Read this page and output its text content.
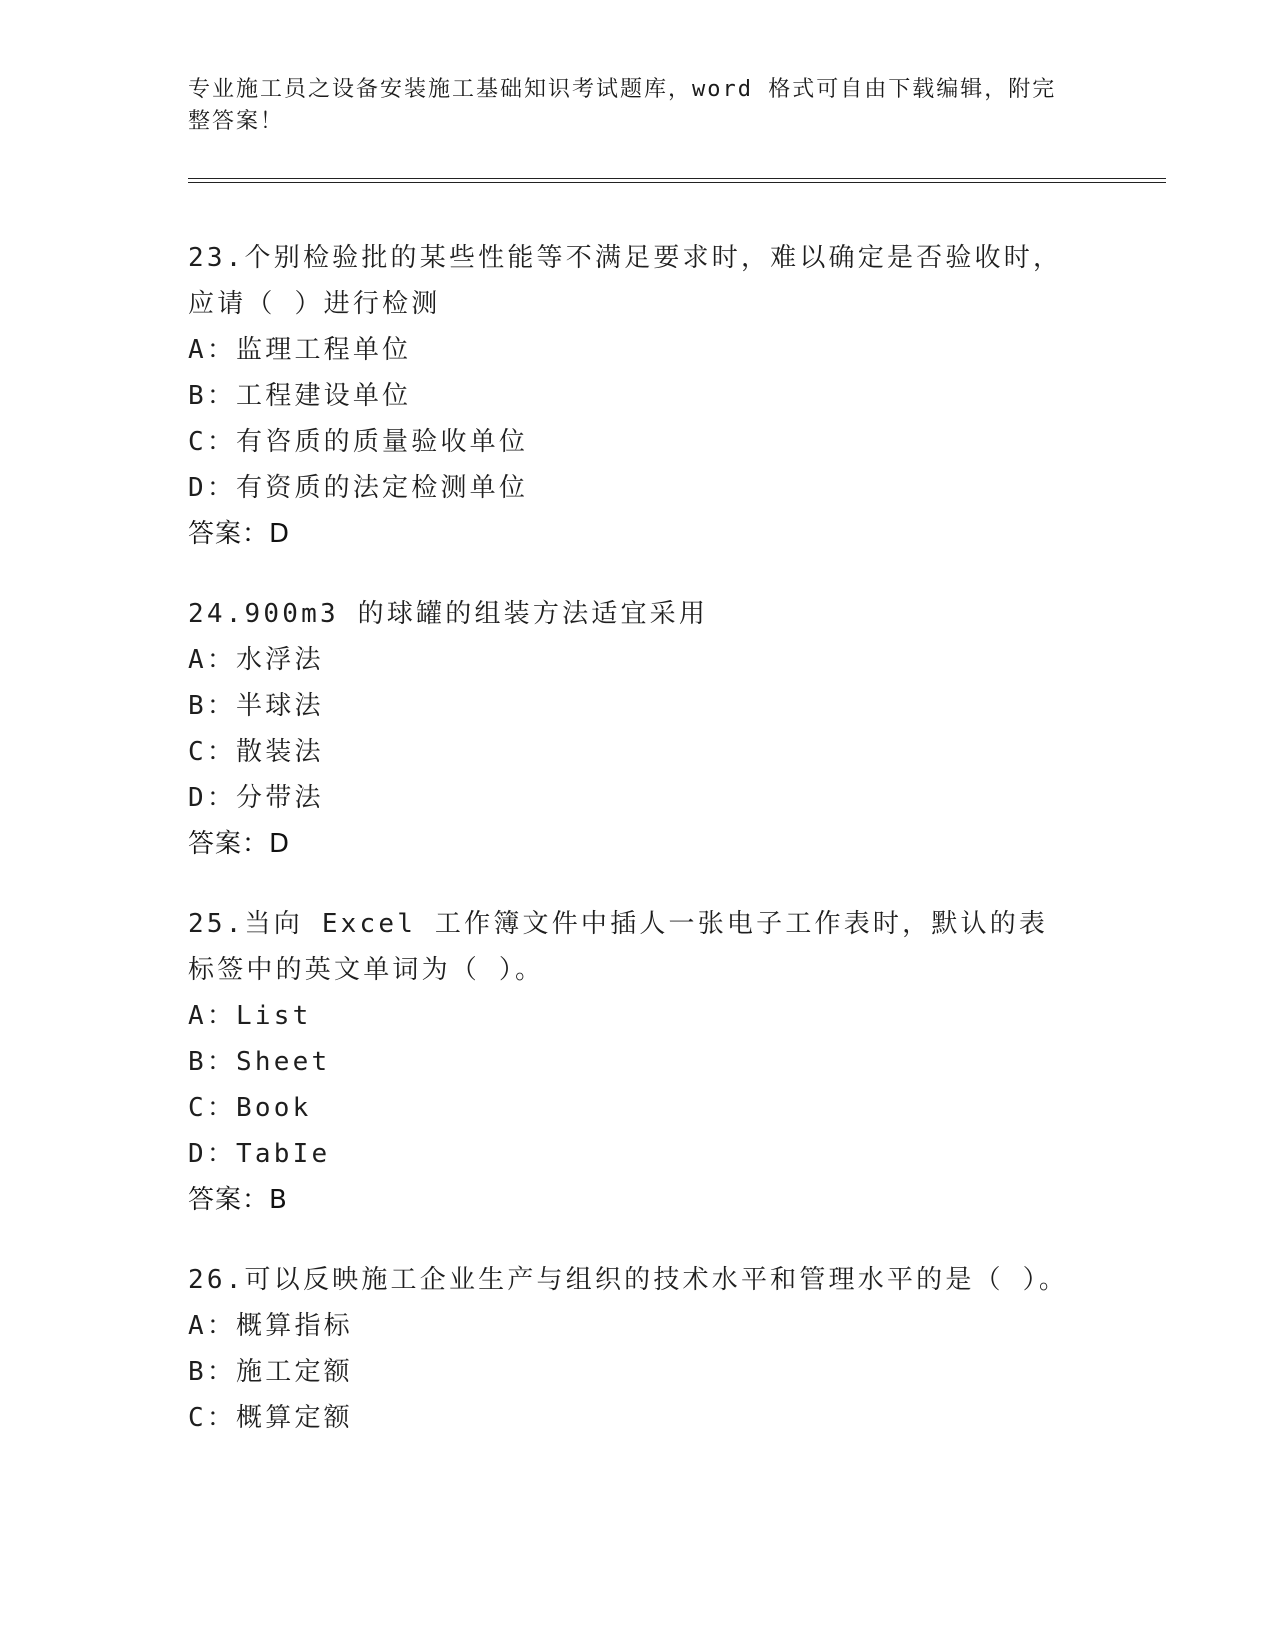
专业施工员之设备安装施工基础知识考试题库，word 格式可自由下载编辑，附完整答案！
23.个别检验批的某些性能等不满足要求时，难以确定是否验收时，应请（ ）进行检测
A：监理工程单位
B：工程建设单位
C：有咨质的质量验收单位
D：有资质的法定检测单位
答案：D
24.900m3 的球罐的组装方法适宜采用
A：水浮法
B：半球法
C：散装法
D：分带法
答案：D
25.当向 Excel 工作簿文件中插人一张电子工作表时，默认的表标签中的英文单词为（ ）。
A：List
B：Sheet
C：Book
D：TabIe
答案：B
26.可以反映施工企业生产与组织的技术水平和管理水平的是（ ）。
A：概算指标
B：施工定额
C：概算定额
